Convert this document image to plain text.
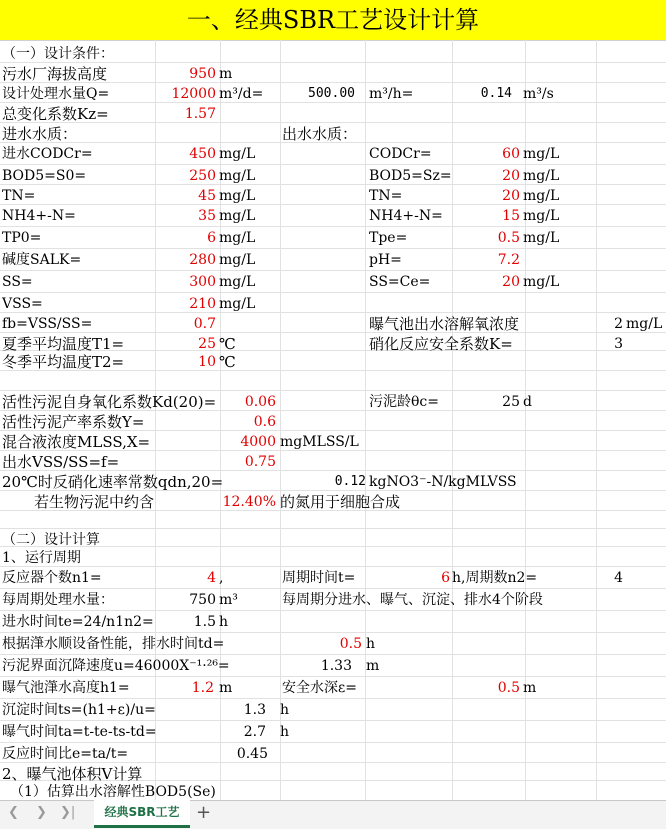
一、经典SBR工艺设计计算
（一）设计条件：
污水厂海拔高度	950 m
设计处理水量Q=	12000 m³/d=	500.00 m³/h=	0.14 m³/s
总变化系数Kz=	1.57
进水水质：	出水水质：
进水CODCr=	450 mg/L	CODCr=	60 mg/L
BOD5=S0=	250 mg/L	BOD5=Sz=	20 mg/L
TN=	45 mg/L	TN=	20 mg/L
NH4+-N=	35 mg/L	NH4+-N=	15 mg/L
TP0=	6 mg/L	Tpe=	0.5 mg/L
碱度SALK=	280 mg/L	pH=	7.2
SS=	300 mg/L	SS=Ce=	20 mg/L
VSS=	210 mg/L
fb=VSS/SS=	0.7	曝气池出水溶解氧浓度	2 mg/L
夏季平均温度T1=	25 ℃	硝化反应安全系数K=	3
冬季平均温度T2=	10 ℃
活性污泥自身氧化系数Kd(20)=	0.06	污泥龄θc=	25 d
活性污泥产率系数Y=	0.6
混合液浓度MLSS,X=	4000 mgMLSS/L
出水VSS/SS=f=	0.75
20℃时反硝化速率常数qdn,20=	0.12 kgNO3⁻-N/kgMLVSS
若生物污泥中约含	12.40% 的氮用于细胞合成
（二）设计计算
1、运行周期
反应器个数n1=	4 ,	周期时间t=	6 h,周期数n2=	4
每周期处理水量：	750 m³	每周期分进水、曝气、沉淀、排水4个阶段
进水时间te=24/n1n2=	1.5 h
根据潷水顺设备性能，排水时间td=	0.5 h
污泥界面沉降速度u=46000X⁻¹·²⁶=	1.33 m
曝气池潷水高度h1=	1.2 m	安全水深ε=	0.5 m
沉淀时间ts=(h1+ε)/u=	1.3 h
曝气时间ta=t-te-ts-td=	2.7 h
反应时间比e=ta/t=	0.45
2、曝气池体积V计算
（1）估算出水溶解性BOD5(Se)
❮ ❯ ❯|	经典SBR工艺 +
